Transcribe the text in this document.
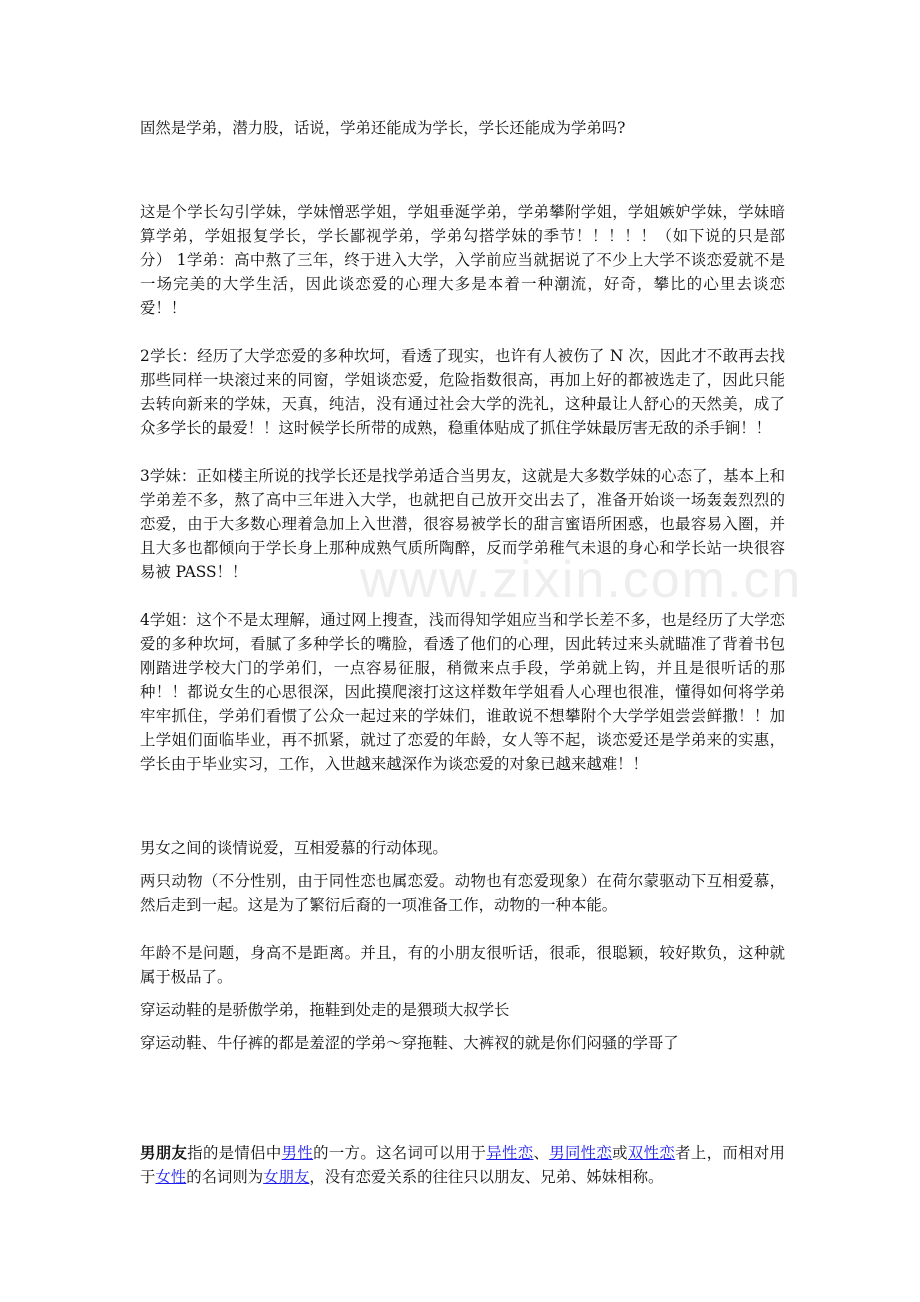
www.zixin.com.cn

固然是学弟，潜力股，话说，学弟还能成为学长，学长还能成为学弟吗?

这是个学长勾引学妹，学妹憎恶学姐，学姐垂涎学弟，学弟攀附学姐，学姐嫉妒学妹，学妹暗算学弟，学姐报复学长，学长鄙视学弟，学弟勾搭学妹的季节！！！！！（如下说的只是部分） 1学弟：高中熬了三年，终于进入大学，入学前应当就据说了不少上大学不谈恋爱就不是一场完美的大学生活，因此谈恋爱的心理大多是本着一种潮流，好奇，攀比的心里去谈恋爱！！

2学长：经历了大学恋爱的多种坎坷，看透了现实，也许有人被伤了 N 次，因此才不敢再去找那些同样一块滚过来的同窗，学姐谈恋爱，危险指数很高，再加上好的都被选走了，因此只能去转向新来的学妹，天真，纯洁，没有通过社会大学的洗礼，这种最让人舒心的天然美，成了众多学长的最爱！！这时候学长所带的成熟，稳重体贴成了抓住学妹最厉害无敌的杀手锏！！

3学妹：正如楼主所说的找学长还是找学弟适合当男友，这就是大多数学妹的心态了，基本上和学弟差不多，熬了高中三年进入大学，也就把自己放开交出去了，准备开始谈一场轰轰烈烈的恋爱，由于大多数心理着急加上入世潜，很容易被学长的甜言蜜语所困惑，也最容易入圈，并且大多也都倾向于学长身上那种成熟气质所陶醉，反而学弟稚气未退的身心和学长站一块很容易被 PASS！！

4学姐：这个不是太理解，通过网上搜查，浅而得知学姐应当和学长差不多，也是经历了大学恋爱的多种坎坷，看腻了多种学长的嘴脸，看透了他们的心理，因此转过来头就瞄准了背着书包刚踏进学校大门的学弟们，一点容易征服，稍微来点手段，学弟就上钩，并且是很听话的那种！！都说女生的心思很深，因此摸爬滚打这这样数年学姐看人心理也很准，懂得如何将学弟牢牢抓住，学弟们看惯了公众一起过来的学妹们，谁敢说不想攀附个大学学姐尝尝鲜撒！！加上学姐们面临毕业，再不抓紧，就过了恋爱的年龄，女人等不起，谈恋爱还是学弟来的实惠，学长由于毕业实习，工作，入世越来越深作为谈恋爱的对象已越来越难！！

男女之间的谈情说爱，互相爱慕的行动体现。

两只动物（不分性别，由于同性恋也属恋爱。动物也有恋爱现象）在荷尔蒙驱动下互相爱慕，然后走到一起。这是为了繁衍后裔的一项准备工作，动物的一种本能。

年龄不是问题，身高不是距离。并且，有的小朋友很听话，很乖，很聪颖，较好欺负，这种就属于极品了。

穿运动鞋的是骄傲学弟，拖鞋到处走的是猥琐大叔学长

穿运动鞋、牛仔裤的都是羞涩的学弟～穿拖鞋、大裤衩的就是你们闷骚的学哥了

男朋友指的是情侣中男性的一方。这名词可以用于异性恋、男同性恋或双性恋者上，而相对用于女性的名词则为女朋友，没有恋爱关系的往往只以朋友、兄弟、姊妹相称。
